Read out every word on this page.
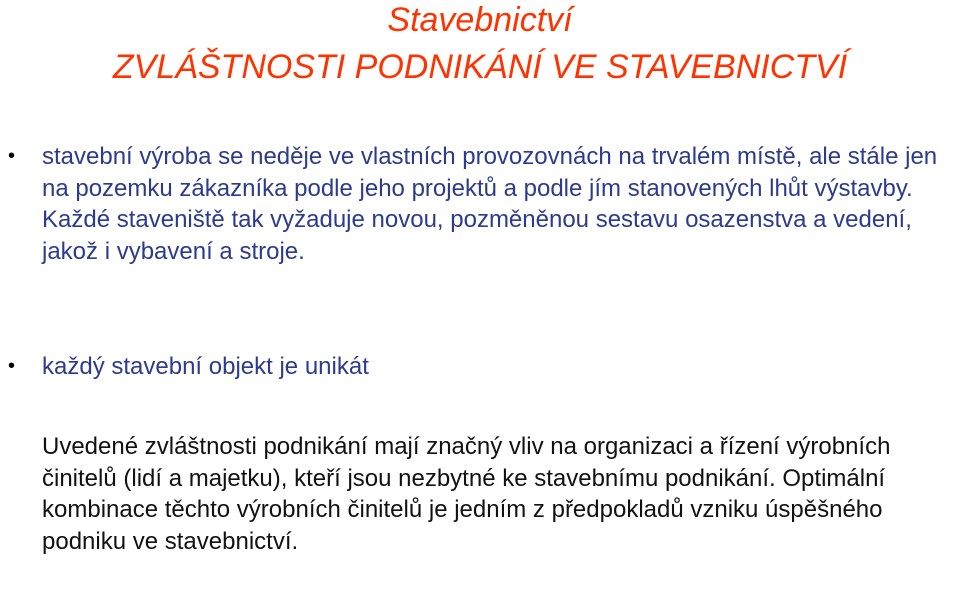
Stavebnictví
ZVLÁŠTNOSTI PODNIKÁNÍ VE STAVEBNICTVÍ
• stavební výroba se neděje ve vlastních provozovnách na trvalém místě, ale stále jen na pozemku zákazníka podle jeho projektů a podle jím stanovených lhůt výstavby. Každé staveniště tak vyžaduje novou, pozměněnou sestavu osazenstva a vedení, jakož i vybavení a stroje.

• každý stavební objekt je unikát

Uvedené zvláštnosti podnikání mají značný vliv na organizaci a řízení výrobních činitelů (lidí a majetku), kteří jsou nezbytné ke stavebnímu podnikání. Optimální kombinace těchto výrobních činitelů je jedním z předpokladů vzniku úspěšného podniku ve stavebnictví.
